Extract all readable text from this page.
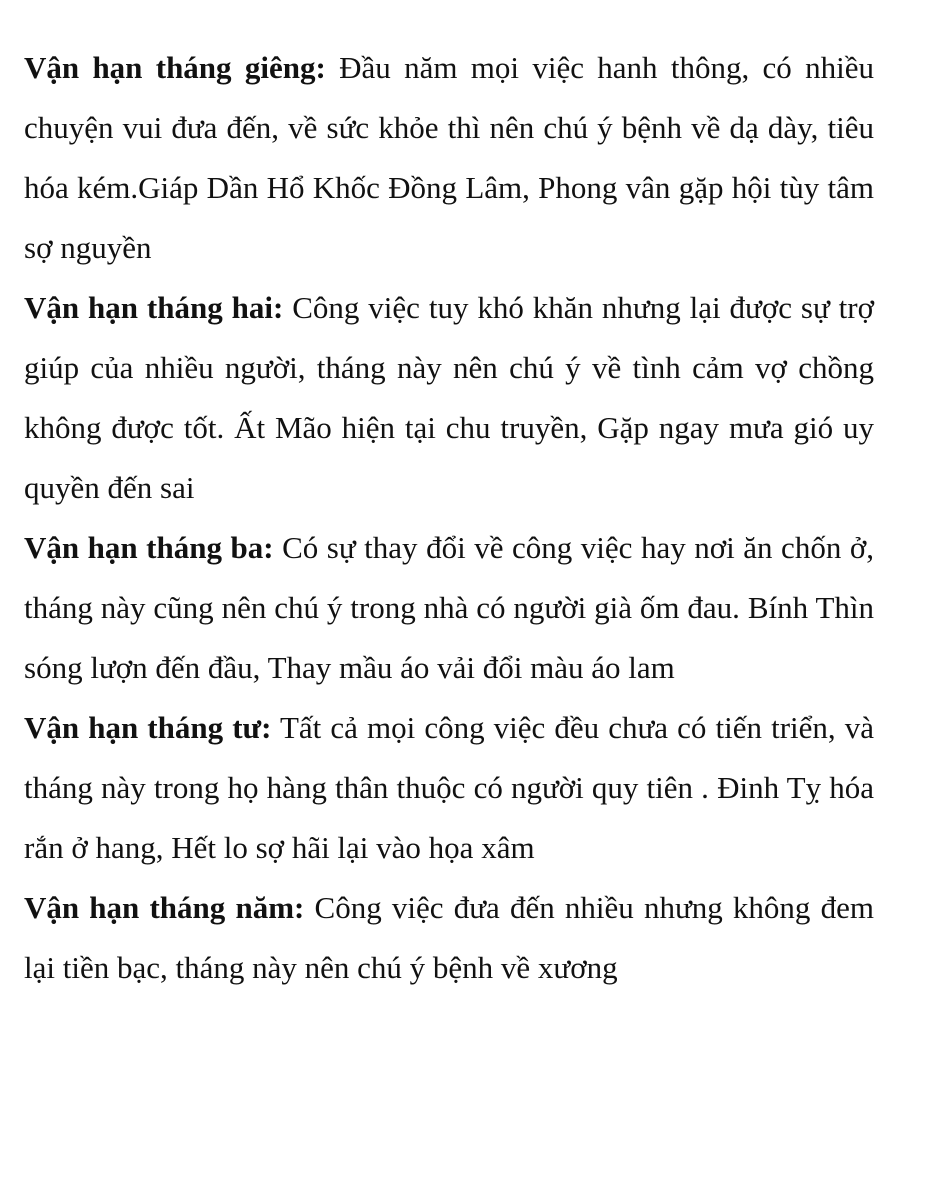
Vận hạn tháng giêng: Đầu năm mọi việc hanh thông, có nhiều chuyện vui đưa đến, về sức khỏe thì nên chú ý bệnh về dạ dày, tiêu hóa kém.Giáp Dần Hổ Khốc Đồng Lâm, Phong vân gặp hội tùy tâm sợ nguyền

Vận hạn tháng hai: Công việc tuy khó khăn nhưng lại được sự trợ giúp của nhiều người, tháng này nên chú ý về tình cảm vợ chồng không được tốt. Ất Mão hiện tại chu truyền, Gặp ngay mưa gió uy quyền đến sai

Vận hạn tháng ba: Có sự thay đổi về công việc hay nơi ăn chốn ở, tháng này cũng nên chú ý trong nhà có người già ốm đau. Bính Thìn sóng lượn đến đầu, Thay mầu áo vải đổi màu áo lam

Vận hạn tháng tư: Tất cả mọi công việc đều chưa có tiến triển, và tháng này trong họ hàng thân thuộc có người quy tiên . Đinh Tỵ hóa rắn ở hang, Hết lo sợ hãi lại vào họa xâm

Vận hạn tháng năm: Công việc đưa đến nhiều nhưng không đem lại tiền bạc, tháng này nên chú ý bệnh về xương
